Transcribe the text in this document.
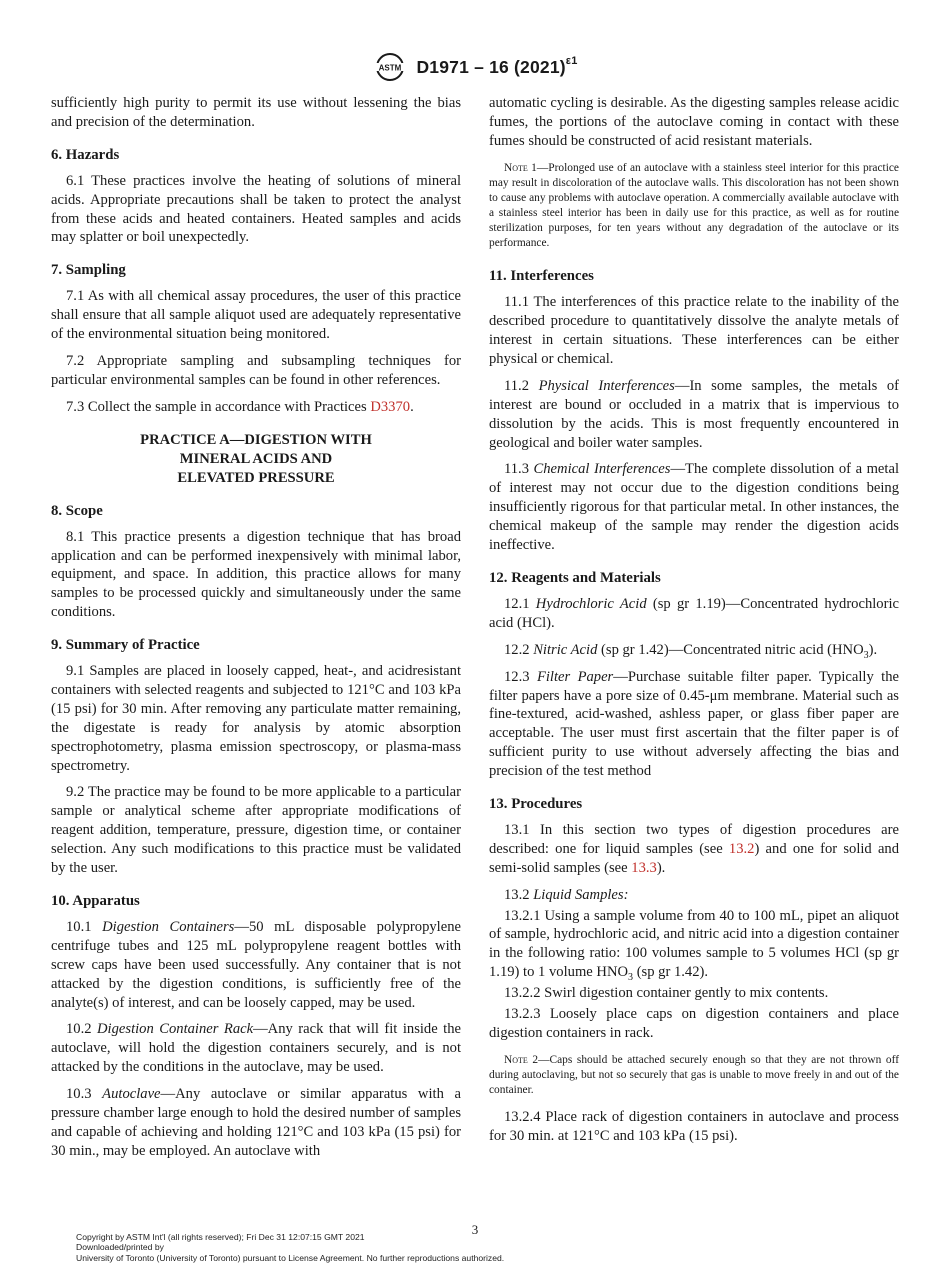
ASTM D1971 – 16 $(2021)^{\varepsilon 1}$

sufficiently high purity to permit its use without lessening the bias and precision of the determination.

6. Hazards

6.1 These practices involve the heating of solutions of mineral acids. Appropriate precautions shall be taken to protect the analyst from these acids and heated containers. Heated samples and acids may splatter or boil unexpectedly.

7. Sampling

7.1 As with all chemical assay procedures, the user of this practice shall ensure that all sample aliquot used are adequately representative of the environmental situation being monitored.

7.2 Appropriate sampling and subsampling techniques for particular environmental samples can be found in other references.

7.3 Collect the sample in accordance with Practices D3370.

PRACTICE A—DIGESTION WITH
MINERAL ACIDS AND
ELEVATED PRESSURE
8. Scope

8.1 This practice presents a digestion technique that has broad application and can be performed inexpensively with minimal labor, equipment, and space. In addition, this practice allows for many samples to be processed quickly and simultaneously under the same conditions.

9. Summary of Practice

9.1 Samples are placed in loosely capped, heat-, and acidresistant containers with selected reagents and subjected to 121°C and 103 kPa (15 psi) for 30 min. After removing any particulate matter remaining, the digestate is ready for analysis by atomic absorption spectrophotometry, plasma emission spectroscopy, or plasma-mass spectrometry.

9.2 The practice may be found to be more applicable to a particular sample or analytical scheme after appropriate modifications of reagent addition, temperature, pressure, digestion time, or container selection. Any such modifications to this practice must be validated by the user.

10. Apparatus

10.1 Digestion Containers—50 mL disposable polypropylene centrifuge tubes and 125 mL polypropylene reagent bottles with screw caps have been used successfully. Any container that is not attacked by the digestion conditions, is sufficiently free of the analyte(s) of interest, and can be loosely capped, may be used.

10.2 Digestion Container Rack—Any rack that will fit inside the autoclave, will hold the digestion containers securely, and is not attacked by the conditions in the autoclave, may be used.

10.3 Autoclave—Any autoclave or similar apparatus with a pressure chamber large enough to hold the desired number of samples and capable of achieving and holding 121°C and 103 kPa (15 psi) for 30 min., may be employed. An autoclave with

automatic cycling is desirable. As the digesting samples release acidic fumes, the portions of the autoclave coming in contact with these fumes should be constructed of acid resistant materials.

Note 1—Prolonged use of an autoclave with a stainless steel interior for this practice may result in discoloration of the autoclave walls. This discoloration has not been shown to cause any problems with autoclave operation. A commercially available autoclave with a stainless steel interior has been in daily use for this practice, as well as for routine sterilization purposes, for ten years without any degradation of the autoclave or its performance.

11. Interferences

11.1 The interferences of this practice relate to the inability of the described procedure to quantitatively dissolve the analyte metals of interest in certain situations. These interferences can be either physical or chemical.

11.2 Physical Interferences—In some samples, the metals of interest are bound or occluded in a matrix that is impervious to dissolution by the acids. This is most frequently encountered in geological and boiler water samples.

11.3 Chemical Interferences—The complete dissolution of a metal of interest may not occur due to the digestion conditions being insufficiently rigorous for that particular metal. In other instances, the chemical makeup of the sample may render the digestion acids ineffective.

12. Reagents and Materials

12.1 Hydrochloric Acid (sp gr 1.19)—Concentrated hydrochloric acid (HCl).

12.2 Nitric Acid (sp gr 1.42)—Concentrated nitric acid $(HNO_3)$.

12.3 Filter Paper—Purchase suitable filter paper. Typically the filter papers have a pore size of 0.45-μm membrane. Material such as fine-textured, acid-washed, ashless paper, or glass fiber paper are acceptable. The user must first ascertain that the filter paper is of sufficient purity to use without adversely affecting the bias and precision of the test method

13. Procedures

13.1 In this section two types of digestion procedures are described: one for liquid samples (see 13.2) and one for solid and semi-solid samples (see 13.3).

13.2 Liquid Samples:

13.2.1 Using a sample volume from 40 to 100 mL, pipet an aliquot of sample, hydrochloric acid, and nitric acid into a digestion container in the following ratio: 100 volumes sample to 5 volumes HCl (sp gr 1.19) to 1 volume $HNO_3$ (sp gr 1.42).

13.2.2 Swirl digestion container gently to mix contents.

13.2.3 Loosely place caps on digestion containers and place digestion containers in rack.

Note 2—Caps should be attached securely enough so that they are not thrown off during autoclaving, but not so securely that gas is unable to move freely in and out of the container.

13.2.4 Place rack of digestion containers in autoclave and process for 30 min. at 121°C and 103 kPa (15 psi).

3
Copyright by ASTM Int'l (all rights reserved); Fri Dec 31 12:07:15 GMT 2021
Downloaded/printed by
University of Toronto (University of Toronto) pursuant to License Agreement. No further reproductions authorized.
